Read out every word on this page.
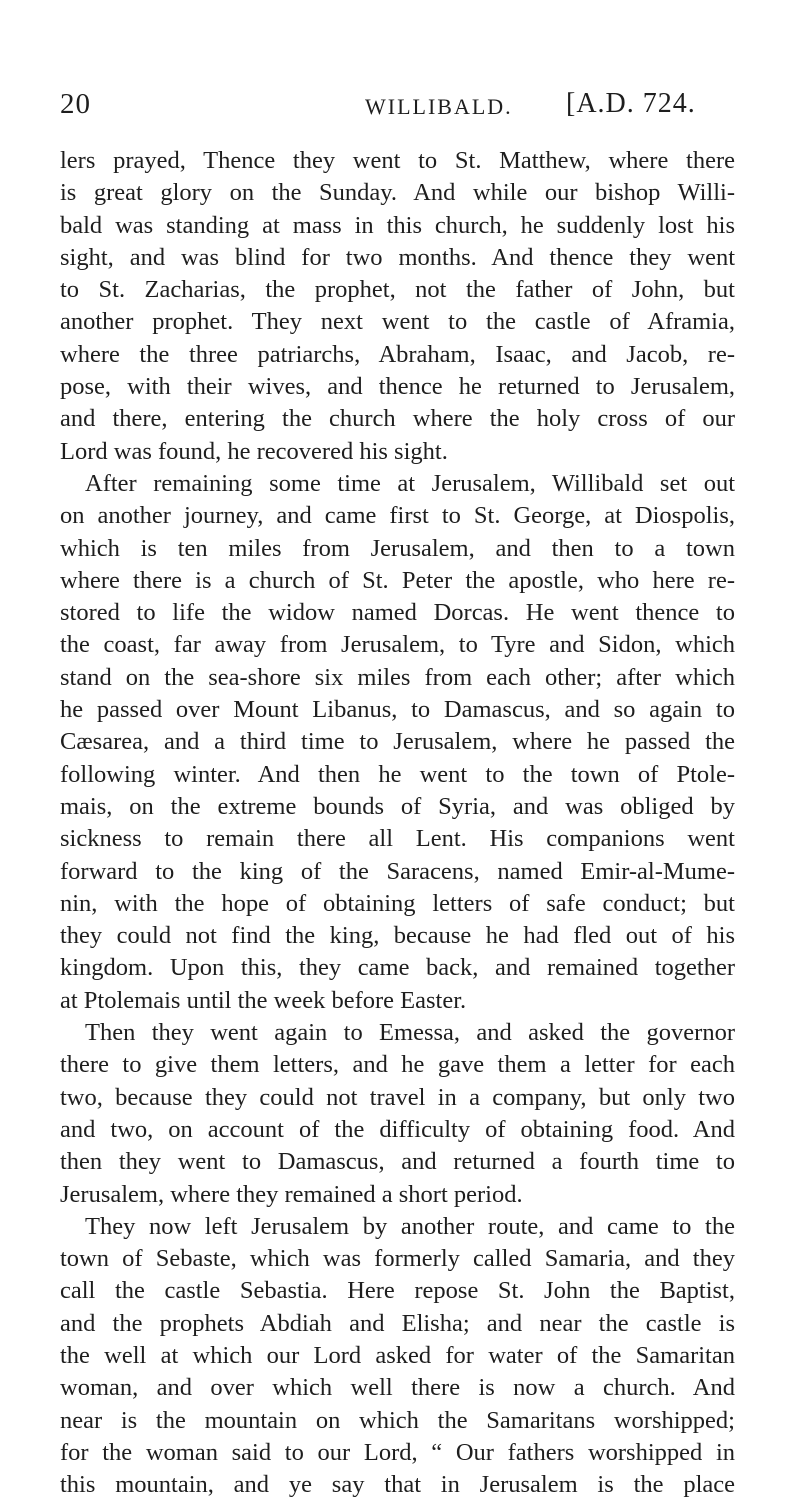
20	WILLIBALD. [A.D. 724.
lers prayed, Thence they went to St. Matthew, where there
is great glory on the Sunday. And while our bishop Willi-
bald was standing at mass in this church, he suddenly lost his
sight, and was blind for two months. And thence they went
to St. Zacharias, the prophet, not the father of John, but
another prophet. They next went to the castle of Aframia,
where the three patriarchs, Abraham, Isaac, and Jacob, re-
pose, with their wives, and thence he returned to Jerusalem,
and there, entering the church where the holy cross of our
Lord was found, he recovered his sight.
After remaining some time at Jerusalem, Willibald set out
on another journey, and came first to St. George, at Diospolis,
which is ten miles from Jerusalem, and then to a town
where there is a church of St. Peter the apostle, who here re-
stored to life the widow named Dorcas. He went thence to
the coast, far away from Jerusalem, to Tyre and Sidon, which
stand on the sea-shore six miles from each other; after which
he passed over Mount Libanus, to Damascus, and so again to
Cæsarea, and a third time to Jerusalem, where he passed the
following winter. And then he went to the town of Ptole-
mais, on the extreme bounds of Syria, and was obliged by
sickness to remain there all Lent. His companions went
forward to the king of the Saracens, named Emir-al-Mume-
nin, with the hope of obtaining letters of safe conduct; but
they could not find the king, because he had fled out of his
kingdom. Upon this, they came back, and remained together
at Ptolemais until the week before Easter.
Then they went again to Emessa, and asked the governor
there to give them letters, and he gave them a letter for each
two, because they could not travel in a company, but only two
and two, on account of the difficulty of obtaining food. And
then they went to Damascus, and returned a fourth time to
Jerusalem, where they remained a short period.
They now left Jerusalem by another route, and came to the
town of Sebaste, which was formerly called Samaria, and they
call the castle Sebastia. Here repose St. John the Baptist,
and the prophets Abdiah and Elisha; and near the castle is
the well at which our Lord asked for water of the Samaritan
woman, and over which well there is now a church. And
near is the mountain on which the Samaritans worshipped;
for the woman said to our Lord, “ Our fathers worshipped in
this mountain, and ye say that in Jerusalem is the place
